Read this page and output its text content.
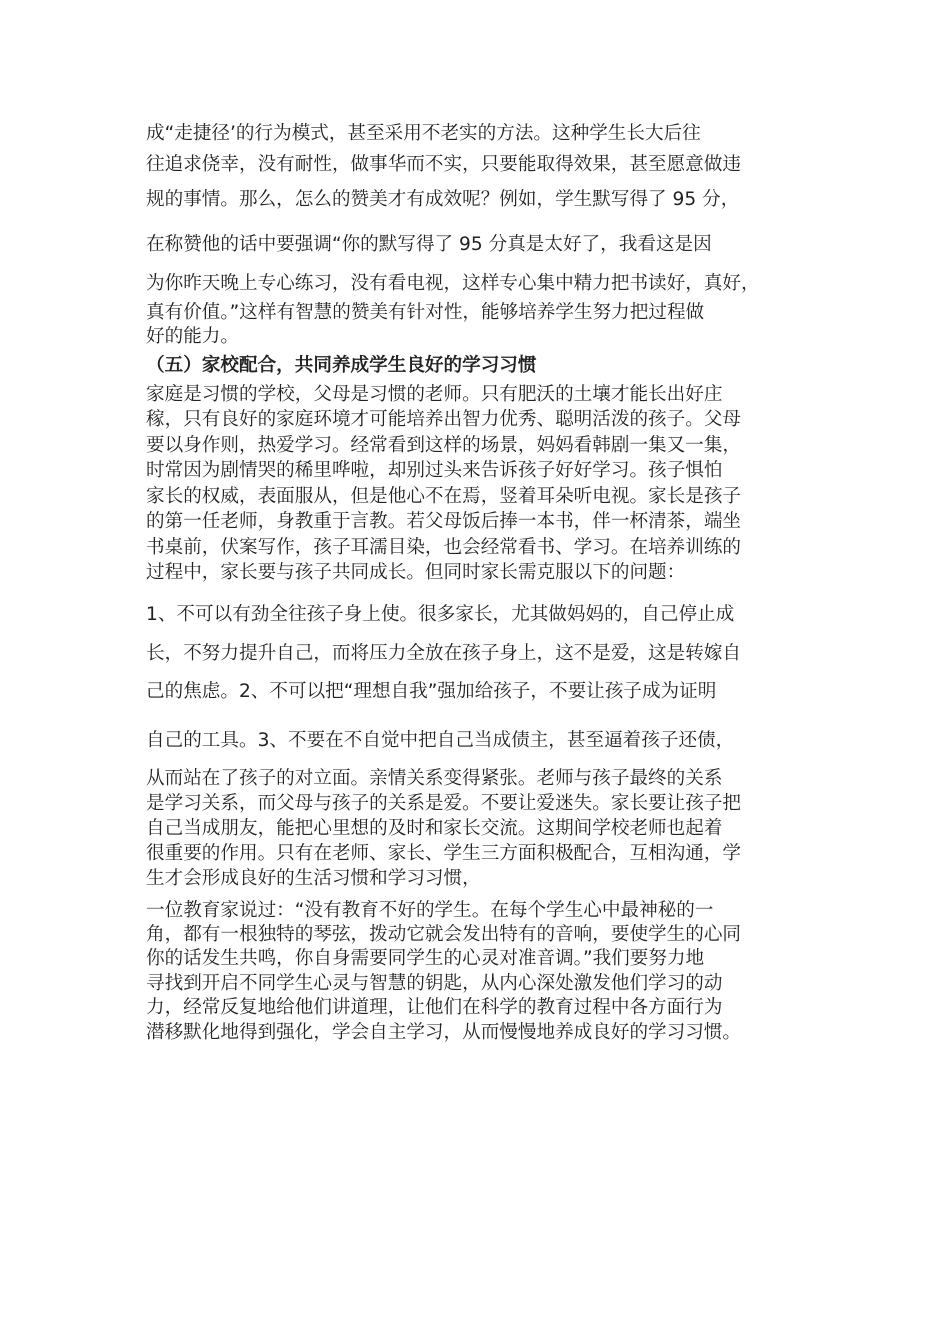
成“走捷径’的行为模式，甚至采用不老实的方法。这种学生长大后往
往追求侥幸，没有耐性，做事华而不实，只要能取得效果，甚至愿意做违
规的事情。那么，怎么的赞美才有成效呢？例如，学生默写得了 95 分，
在称赞他的话中要强调“你的默写得了 95 分真是太好了，我看这是因
为你昨天晚上专心练习，没有看电视，这样专心集中精力把书读好，真好，
真有价值。”这样有智慧的赞美有针对性，能够培养学生努力把过程做
好的能力。
（五）家校配合，共同养成学生良好的学习习惯
家庭是习惯的学校，父母是习惯的老师。只有肥沃的土壤才能长出好庄
稼，只有良好的家庭环境才可能培养出智力优秀、聪明活泼的孩子。父母
要以身作则，热爱学习。经常看到这样的场景，妈妈看韩剧一集又一集，
时常因为剧情哭的稀里哗啦，却别过头来告诉孩子好好学习。孩子惧怕
家长的权威，表面服从，但是他心不在焉，竖着耳朵听电视。家长是孩子
的第一任老师，身教重于言教。若父母饭后捧一本书，伴一杯清茶，端坐
书桌前，伏案写作，孩子耳濡目染，也会经常看书、学习。在培养训练的
过程中，家长要与孩子共同成长。但同时家长需克服以下的问题：
1、不可以有劲全往孩子身上使。很多家长，尤其做妈妈的，自己停止成
长，不努力提升自己，而将压力全放在孩子身上，这不是爱，这是转嫁自
己的焦虑。2、不可以把“理想自我”强加给孩子，不要让孩子成为证明
自己的工具。3、不要在不自觉中把自己当成债主，甚至逼着孩子还债，
从而站在了孩子的对立面。亲情关系变得紧张。老师与孩子最终的关系
是学习关系，而父母与孩子的关系是爱。不要让爱迷失。家长要让孩子把
自己当成朋友，能把心里想的及时和家长交流。这期间学校老师也起着
很重要的作用。只有在老师、家长、学生三方面积极配合，互相沟通，学
生才会形成良好的生活习惯和学习习惯，
一位教育家说过：“没有教育不好的学生。在每个学生心中最神秘的一
角，都有一根独特的琴弦，拨动它就会发出特有的音响，要使学生的心同
你的话发生共鸣，你自身需要同学生的心灵对准音调。”我们要努力地
寻找到开启不同学生心灵与智慧的钥匙，从内心深处激发他们学习的动
力，经常反复地给他们讲道理，让他们在科学的教育过程中各方面行为
潜移默化地得到强化，学会自主学习，从而慢慢地养成良好的学习习惯。
